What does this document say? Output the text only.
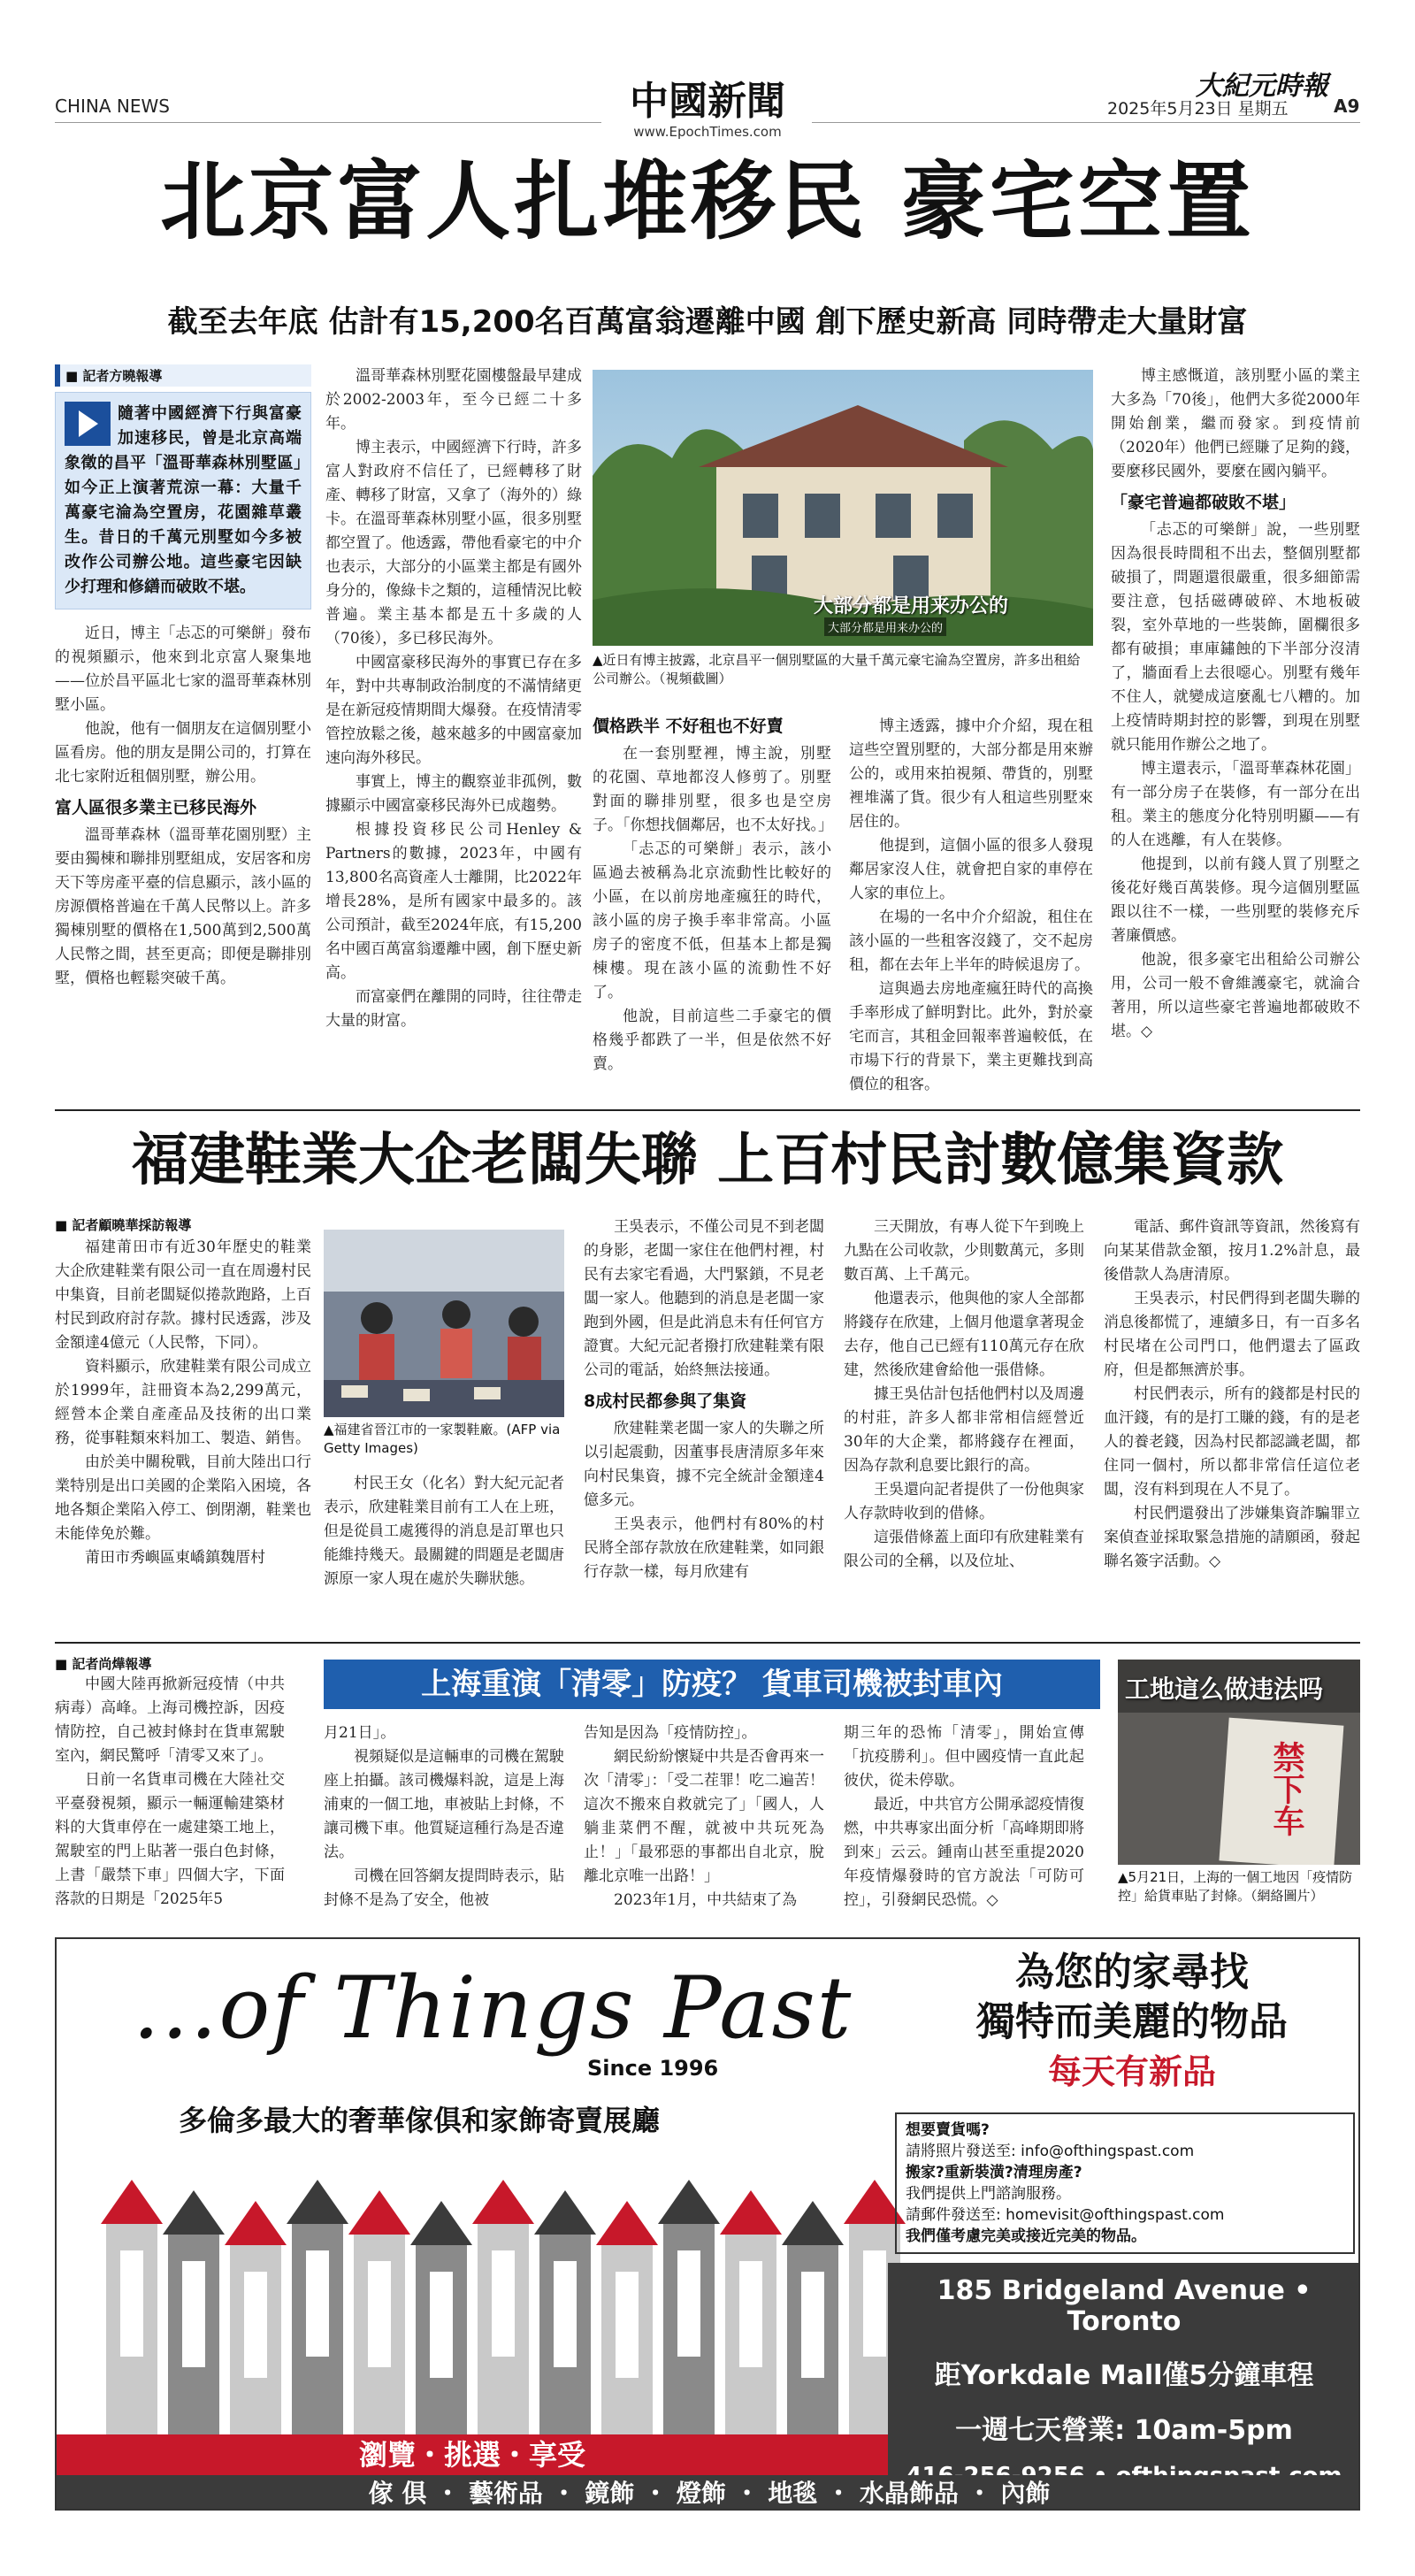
CHINA NEWS	中國新聞
www.EpochTimes.com
大紀元時報
2025年5月23日 星期五	A9
北京富人扎堆移民 豪宅空置
截至去年底 估計有15,200名百萬富翁遷離中國 創下歷史新高 同時帶走大量財富
■ 記者方曉報導
隨著中國經濟下行與富豪加速移民，曾是北京高端象徵的昌平「溫哥華森林別墅區」如今正上演著荒涼一幕：大量千萬豪宅淪為空置房，花園雜草叢生。昔日的千萬元別墅如今多被改作公司辦公地。這些豪宅因缺少打理和修繕而破敗不堪。

近日，博主「忐忑的可樂餅」發布的視頻顯示，他來到北京富人聚集地——位於昌平區北七家的溫哥華森林別墅小區。

他說，他有一個朋友在這個別墅小區看房。他的朋友是開公司的，打算在北七家附近租個別墅，辦公用。

富人區很多業主已移民海外

溫哥華森林（溫哥華花園別墅）主要由獨棟和聯排別墅組成，安居客和房天下等房產平臺的信息顯示，該小區的房源價格普遍在千萬人民幣以上。許多獨棟別墅的價格在1,500萬到2,500萬人民幣之間，甚至更高；即便是聯排別墅，價格也輕鬆突破千萬。

溫哥華森林別墅花園樓盤最早建成於2002-2003年，至今已經二十多年。

博主表示，中國經濟下行時，許多富人對政府不信任了，已經轉移了財產、轉移了財富，又拿了（海外的）綠卡。在溫哥華森林別墅小區，很多別墅都空置了。他透露，帶他看豪宅的中介也表示，大部分的小區業主都是有國外身分的，像綠卡之類的，這種情況比較普遍。業主基本都是五十多歲的人（70後），多已移民海外。

中國富豪移民海外的事實已存在多年，對中共專制政治制度的不滿情緒更是在新冠疫情期間大爆發。在疫情清零管控放鬆之後，越來越多的中國富豪加速向海外移民。

事實上，博主的觀察並非孤例，數據顯示中國富豪移民海外已成趨勢。

根據投資移民公司Henley & Partners的數據，2023年，中國有13,800名高資產人士離開，比2022年增長28%，是所有國家中最多的。該公司預計，截至2024年底，有15,200名中國百萬富翁遷離中國，創下歷史新高。

而富豪們在離開的同時，往往帶走大量的財富。

大部分都是用来办公的
大部分都是用来办公的
▲近日有博主披露，北京昌平一個別墅區的大量千萬元豪宅淪為空置房，許多出租給公司辦公。（視頻截圖）
價格跌半 不好租也不好賣

在一套別墅裡，博主說，別墅的花園、草地都沒人修剪了。別墅對面的聯排別墅，很多也是空房子。「你想找個鄰居，也不太好找。」

「忐忑的可樂餅」表示，該小區過去被稱為北京流動性比較好的小區，在以前房地產瘋狂的時代，該小區的房子換手率非常高。小區房子的密度不低，但基本上都是獨棟樓。現在該小區的流動性不好了。

他說，目前這些二手豪宅的價格幾乎都跌了一半，但是依然不好賣。

博主透露，據中介介紹，現在租這些空置別墅的，大部分都是用來辦公的，或用來拍視頻、帶貨的，別墅裡堆滿了貨。很少有人租這些別墅來居住的。

他提到，這個小區的很多人發現鄰居家沒人住，就會把自家的車停在人家的車位上。

在場的一名中介介紹說，租住在該小區的一些租客沒錢了，交不起房租，都在去年上半年的時候退房了。

這與過去房地產瘋狂時代的高換手率形成了鮮明對比。此外，對於豪宅而言，其租金回報率普遍較低，在市場下行的背景下，業主更難找到高價位的租客。

博主感慨道，該別墅小區的業主大多為「70後」，他們大多從2000年開始創業，繼而發家。到疫情前（2020年）他們已經賺了足夠的錢，要麼移民國外，要麼在國內躺平。

「豪宅普遍都破敗不堪」

「忐忑的可樂餅」說，一些別墅因為很長時間租不出去，整個別墅都破損了，問題還很嚴重，很多細節需要注意，包括磁磚破碎、木地板破裂，室外草地的一些裝飾，圍欄很多都有破損；車庫鏽蝕的下半部分沒清了，牆面看上去很噁心。別墅有幾年不住人，就變成這麼亂七八糟的。加上疫情時期封控的影響，到現在別墅就只能用作辦公之地了。

博主還表示，「溫哥華森林花園」有一部分房子在裝修，有一部分在出租。業主的態度分化特別明顯——有的人在逃離，有人在裝修。

他提到，以前有錢人買了別墅之後花好幾百萬裝修。現今這個別墅區跟以往不一樣，一些別墅的裝修充斥著廉價感。

他說，很多豪宅出租給公司辦公用，公司一般不會維護豪宅，就淪合著用，所以這些豪宅普遍地都破敗不堪。◇

福建鞋業大企老闆失聯 上百村民討數億集資款
■ 記者顧曉華採訪報導

福建莆田市有近30年歷史的鞋業大企欣建鞋業有限公司一直在周邊村民中集資，目前老闆疑似捲款跑路，上百村民到政府討存款。據村民透露，涉及金額達4億元（人民幣，下同）。

資料顯示，欣建鞋業有限公司成立於1999年，註冊資本為2,299萬元，經營本企業自產產品及技術的出口業務，從事鞋類來料加工、製造、銷售。

由於美中關稅戰，目前大陸出口行業特別是出口美國的企業陷入困境，各地各類企業陷入停工、倒閉潮，鞋業也未能倖免於難。

莆田市秀嶼區東嶠鎮魏厝村

▲福建省晉江市的一家製鞋廠。(AFP via Getty Images)

村民王女（化名）對大紀元記者表示，欣建鞋業目前有工人在上班，但是從員工處獲得的消息是訂單也只能維持幾天。最關鍵的問題是老闆唐源原一家人現在處於失聯狀態。

王吳表示，不僅公司見不到老闆的身影，老闆一家住在他們村裡，村民有去家宅看過，大門緊鎖，不見老闆一家人。他聽到的消息是老闆一家跑到外國，但是此消息未有任何官方證實。大紀元記者撥打欣建鞋業有限公司的電話，始終無法接通。

8成村民都參與了集資

欣建鞋業老闆一家人的失聯之所以引起震動，因董事長唐清原多年來向村民集資，據不完全統計金額達4億多元。

王吳表示，他們村有80%的村民將全部存款放在欣建鞋業，如同銀行存款一樣，每月欣建有

三天開放，有專人從下午到晚上九點在公司收款，少則數萬元，多則數百萬、上千萬元。

他還表示，他與他的家人全部都將錢存在欣建，上個月他還拿著現金去存，他自己已經有110萬元存在欣建，然後欣建會給他一張借條。

據王吳估計包括他們村以及周邊的村莊，許多人都非常相信經營近30年的大企業，都將錢存在裡面，因為存款利息要比銀行的高。

王吳還向記者提供了一份他與家人存款時收到的借條。

這張借條蓋上面印有欣建鞋業有限公司的全稱，以及位址、

電話、郵件資訊等資訊，然後寫有向某某借款金額，按月1.2%計息，最後借款人為唐清原。

王吳表示，村民們得到老闆失聯的消息後都慌了，連續多日，有一百多名村民堵在公司門口，他們還去了區政府，但是都無濟於事。

村民們表示，所有的錢都是村民的血汗錢，有的是打工賺的錢，有的是老人的養老錢，因為村民都認識老闆，都住同一個村，所以都非常信任這位老闆，沒有料到現在人不見了。

村民們還發出了涉嫌集資詐騙罪立案偵查並採取緊急措施的請願函，發起聯名簽字活動。◇

■ 記者尚燁報導

中國大陸再掀新冠疫情（中共病毒）高峰。上海司機控訴，因疫情防控，自己被封條封在貨車駕駛室內，網民驚呼「清零又來了」。

日前一名貨車司機在大陸社交平臺發視頻，顯示一輛運輸建築材料的大貨車停在一處建築工地上，駕駛室的門上貼著一張白色封條，上書「嚴禁下車」四個大字，下面落款的日期是「2025年5

上海重演「清零」防疫？ 貨車司機被封車內

月21日」。

視頻疑似是這輛車的司機在駕駛座上拍攝。該司機爆料說，這是上海浦東的一個工地，車被貼上封條，不讓司機下車。他質疑這種行為是否違法。

司機在回答網友提問時表示，貼封條不是為了安全，他被

告知是因為「疫情防控」。

網民紛紛懷疑中共是否會再來一次「清零」：「受二茬罪！吃二遍苦！這次不搬來自救就完了」「國人，人躺韭菜們不醒，就被中共玩死為止！」「最邪惡的事都出自北京，脫離北京唯一出路！」

2023年1月，中共結束了為

期三年的恐怖「清零」，開始宣傳「抗疫勝利」。但中國疫情一直此起彼伏，從未停歇。

最近，中共官方公開承認疫情復燃，中共專家出面分析「高峰期即將到來」云云。鍾南山甚至重提2020年疫情爆發時的官方說法「可防可控」，引發網民恐慌。◇

工地這么做违法吗
禁下车
▲5月21日，上海的一個工地因「疫情防控」給貨車貼了封條。（網絡圖片）
...of Things Past
Since 1996
多倫多最大的奢華傢俱和家飾寄賣展廳
為您的家尋找
獨特而美麗的物品
每天有新品
想要賣貨嗎?
請將照片發送至: info@ofthingspast.com
搬家?重新裝潢?清理房產?
我們提供上門諮詢服務。
請郵件發送至: homevisit@ofthingspast.com
我們僅考慮完美或接近完美的物品。
185 Bridgeland Avenue • Toronto
距Yorkdale Mall僅5分鐘車程
一週七天營業: 10am-5pm

瀏覽・挑選・享受
傢 俱 ・ 藝術品 ・ 鏡飾 ・ 燈飾 ・ 地毯 ・ 水晶飾品 ・ 內飾
